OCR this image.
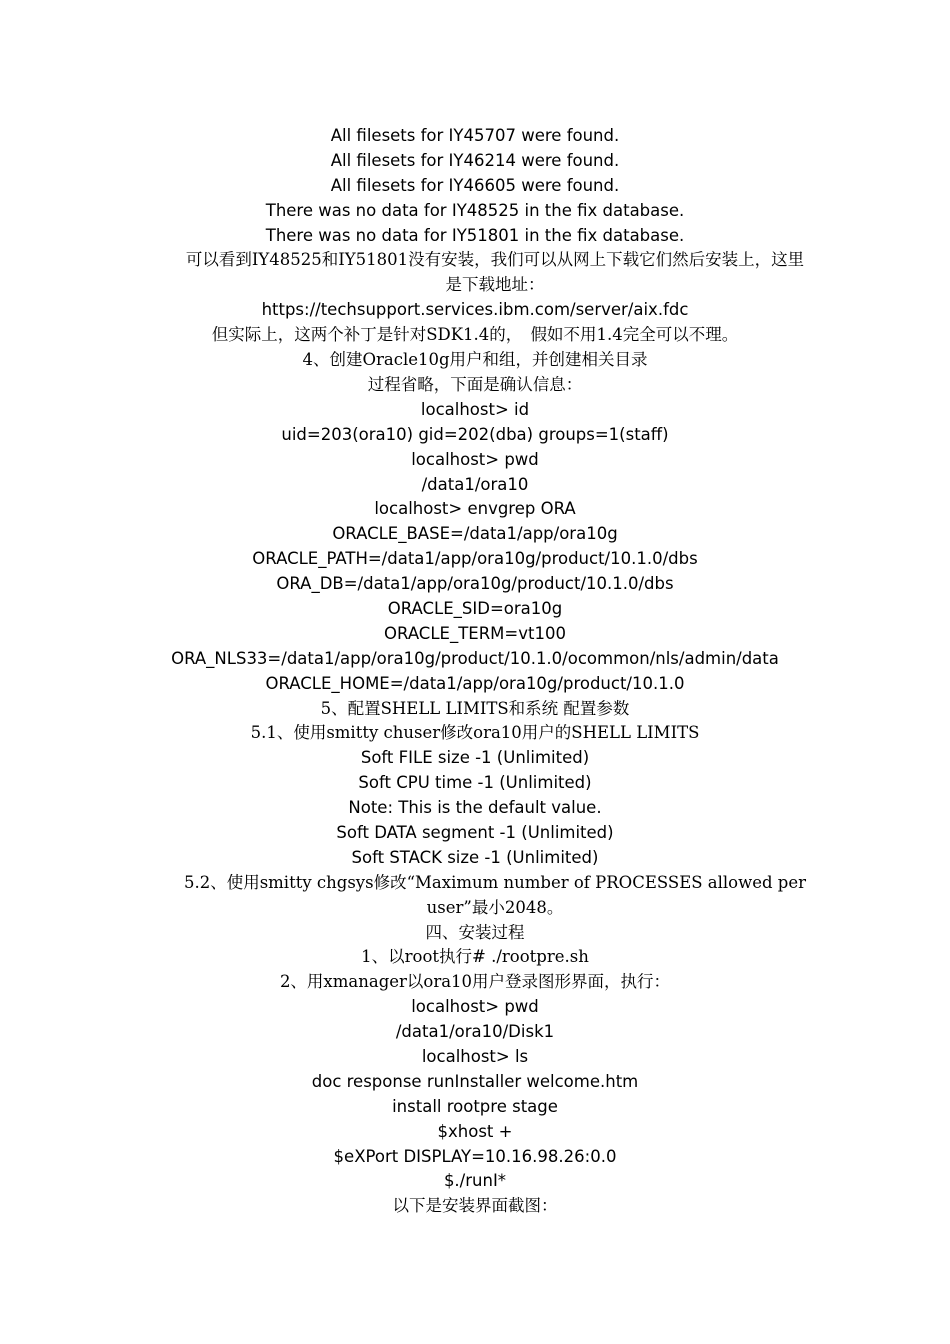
All filesets for IY45707 were found.
All filesets for IY46214 were found.
All filesets for IY46605 were found.
There was no data for IY48525 in the fix database.
There was no data for IY51801 in the fix database.
可以看到IY48525和IY51801没有安装，我们可以从网上下载它们然后安装上，这里是下载地址：
https://techsupport.services.ibm.com/server/aix.fdc
但实际上，这两个补丁是针对SDK1.4的，　假如不用1.4完全可以不理。
4、创建Oracle10g用户和组，并创建相关目录
过程省略，下面是确认信息：
localhost> id
uid=203(ora10) gid=202(dba) groups=1(staff)
localhost> pwd
/data1/ora10
localhost> envgrep ORA
ORACLE_BASE=/data1/app/ora10g
ORACLE_PATH=/data1/app/ora10g/product/10.1.0/dbs
ORA_DB=/data1/app/ora10g/product/10.1.0/dbs
ORACLE_SID=ora10g
ORACLE_TERM=vt100
ORA_NLS33=/data1/app/ora10g/product/10.1.0/ocommon/nls/admin/data
ORACLE_HOME=/data1/app/ora10g/product/10.1.0
5、配置SHELL LIMITS和系统 配置参数
5.1、使用smitty chuser修改ora10用户的SHELL LIMITS
Soft FILE size -1 (Unlimited)
Soft CPU time -1 (Unlimited)
Note: This is the default value.
Soft DATA segment -1 (Unlimited)
Soft STACK size -1 (Unlimited)
5.2、使用smitty chgsys修改“Maximum number of PROCESSES allowed per user”最小2048。
四、安装过程
1、以root执行# ./rootpre.sh
2、用xmanager以ora10用户登录图形界面，执行：
localhost> pwd
/data1/ora10/Disk1
localhost> ls
doc response runInstaller welcome.htm
install rootpre stage
$xhost +
$eXPort DISPLAY=10.16.98.26:0.0
$./runI*
以下是安装界面截图：
